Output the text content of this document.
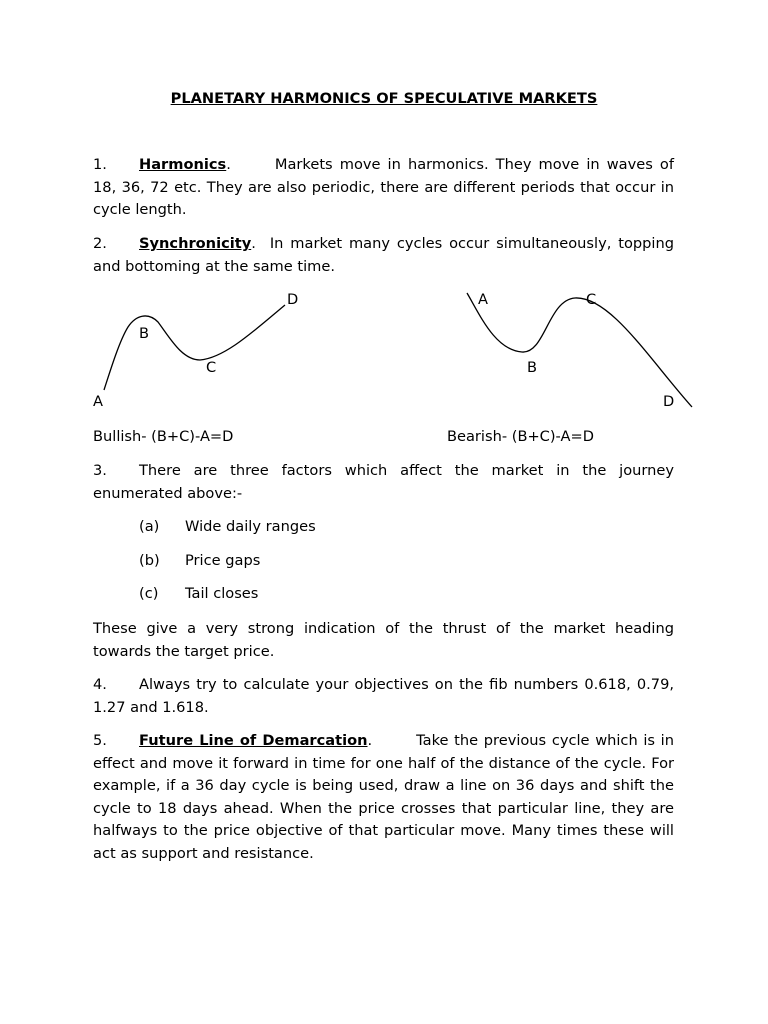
PLANETARY HARMONICS OF SPECULATIVE MARKETS
1. Harmonics.	Markets move in harmonics. They move in waves of 18, 36, 72 etc. They are also periodic, there are different periods that occur in cycle length.
2. Synchronicity. In market many cycles occur simultaneously, topping and bottoming at the same time.
D
B
C
A
A	C
B
D
Bullish- (B+C)-A=D	Bearish- (B+C)-A=D
3. There are three factors which affect the market in the journey enumerated above:-
(a) Wide daily ranges
(b) Price gaps
(c) Tail closes
These give a very strong indication of the thrust of the market heading towards the target price.
4. Always try to calculate your objectives on the fib numbers 0.618, 0.79, 1.27 and 1.618.
5. Future Line of Demarcation.	Take the previous cycle which is in effect and move it forward in time for one half of the distance of the cycle. For example, if a 36 day cycle is being used, draw a line on 36 days and shift the cycle to 18 days ahead. When the price crosses that particular line, they are halfways to the price objective of that particular move. Many times these will act as support and resistance.
